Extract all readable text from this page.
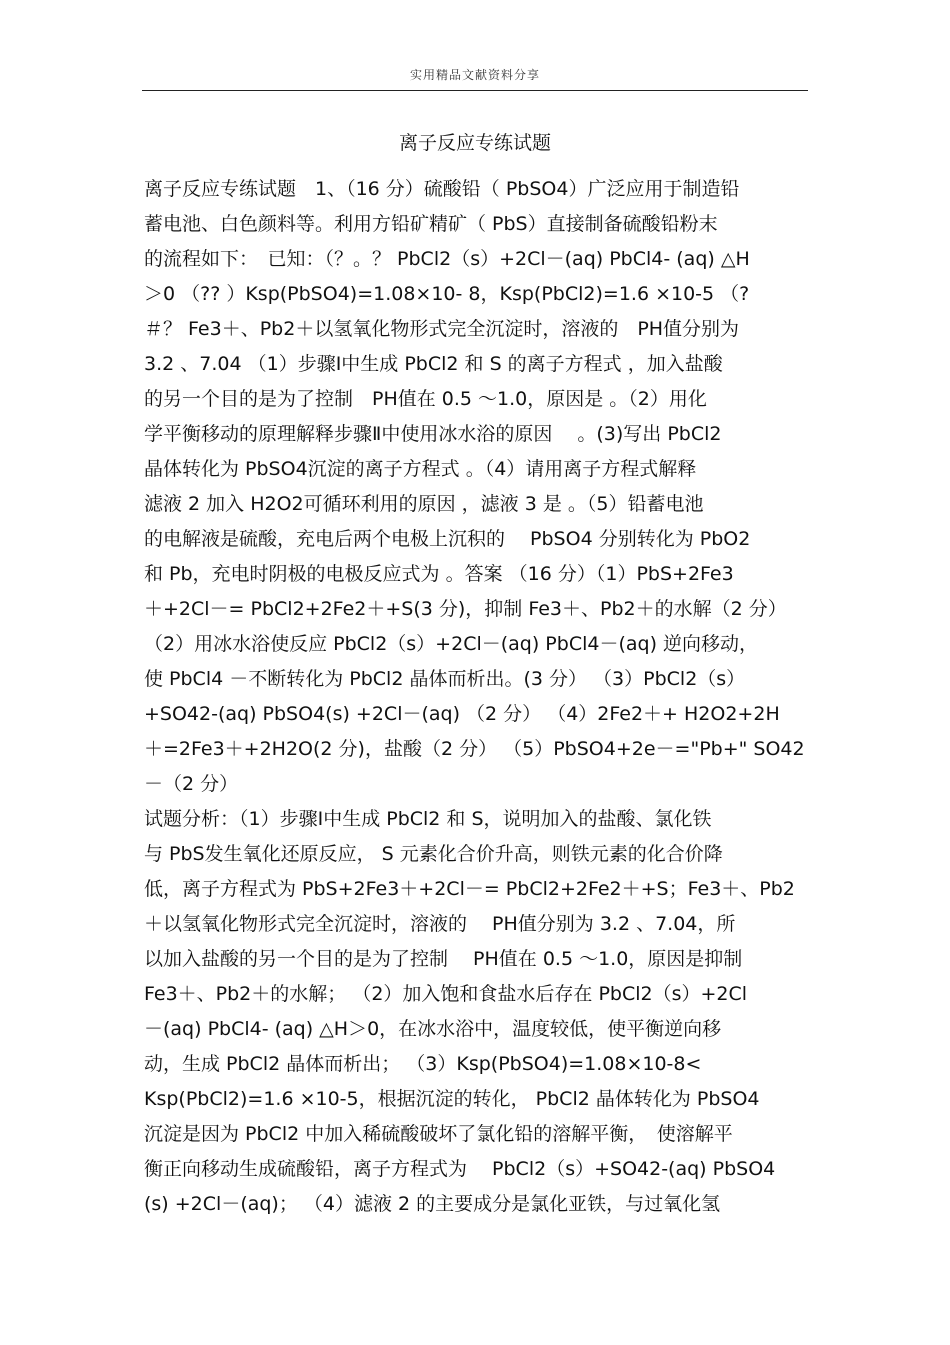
实用精品文献资料分享
离子反应专练试题
离子反应专练试题　1、（16 分）硫酸铅（ PbSO4）广泛应用于制造铅
蓄电池、白色颜料等。利用方铅矿精矿（ PbS）直接制备硫酸铅粉末
的流程如下：　已知：（？。？ PbCl2（s）+2Cl－(aq) PbCl4- (aq) △H
＞0 （?? ）Ksp(PbSO4)=1.08×10- 8，Ksp(PbCl2)=1.6 ×10-5 （?
＃？ Fe3＋、Pb2＋以氢氧化物形式完全沉淀时，溶液的　PH值分别为
3.2 、7.04 （1）步骤Ⅰ中生成 PbCl2 和 S 的离子方程式 ，加入盐酸
的另一个目的是为了控制　PH值在 0.5 ～1.0，原因是 。（2）用化
学平衡移动的原理解释步骤Ⅱ中使用冰水浴的原因　 。(3)写出 PbCl2
晶体转化为 PbSO4沉淀的离子方程式 。（4）请用离子方程式解释
滤液 2 加入 H2O2可循环利用的原因 ，滤液 3 是 。（5）铅蓄电池
的电解液是硫酸，充电后两个电极上沉积的　 PbSO4 分别转化为 PbO2
和 Pb，充电时阴极的电极反应式为 。答案 （16 分）（1）PbS+2Fe3
＋+2Cl－= PbCl2+2Fe2＋+S(3 分)，抑制 Fe3＋、Pb2＋的水解（2 分）
（2）用冰水浴使反应 PbCl2（s）+2Cl－(aq) PbCl4－(aq) 逆向移动，
使 PbCl4 －不断转化为 PbCl2 晶体而析出。(3 分） （3）PbCl2（s）
+SO42-(aq) PbSO4(s) +2Cl－(aq) （2 分） （4）2Fe2＋+ H2O2+2H
＋=2Fe3＋+2H2O(2 分)，盐酸（2 分） （5）PbSO4+2e－="Pb+" SO42
－（2 分）
试题分析：（1）步骤Ⅰ中生成 PbCl2 和 S，说明加入的盐酸、氯化铁
与 PbS发生氧化还原反应， S 元素化合价升高，则铁元素的化合价降
低，离子方程式为 PbS+2Fe3＋+2Cl－= PbCl2+2Fe2＋+S；Fe3＋、Pb2
＋以氢氧化物形式完全沉淀时，溶液的　 PH值分别为 3.2 、7.04，所
以加入盐酸的另一个目的是为了控制　 PH值在 0.5 ～1.0，原因是抑制
Fe3＋、Pb2＋的水解； （2）加入饱和食盐水后存在 PbCl2（s）+2Cl
－(aq) PbCl4- (aq) △H＞0，在冰水浴中，温度较低，使平衡逆向移
动，生成 PbCl2 晶体而析出； （3）Ksp(PbSO4)=1.08×10-8<
Ksp(PbCl2)=1.6 ×10-5，根据沉淀的转化， PbCl2 晶体转化为 PbSO4
沉淀是因为 PbCl2 中加入稀硫酸破坏了氯化铅的溶解平衡，　使溶解平
衡正向移动生成硫酸铅，离子方程式为　 PbCl2（s）+SO42-(aq) PbSO4
(s) +2Cl－(aq)； （4）滤液 2 的主要成分是氯化亚铁，与过氧化氢
